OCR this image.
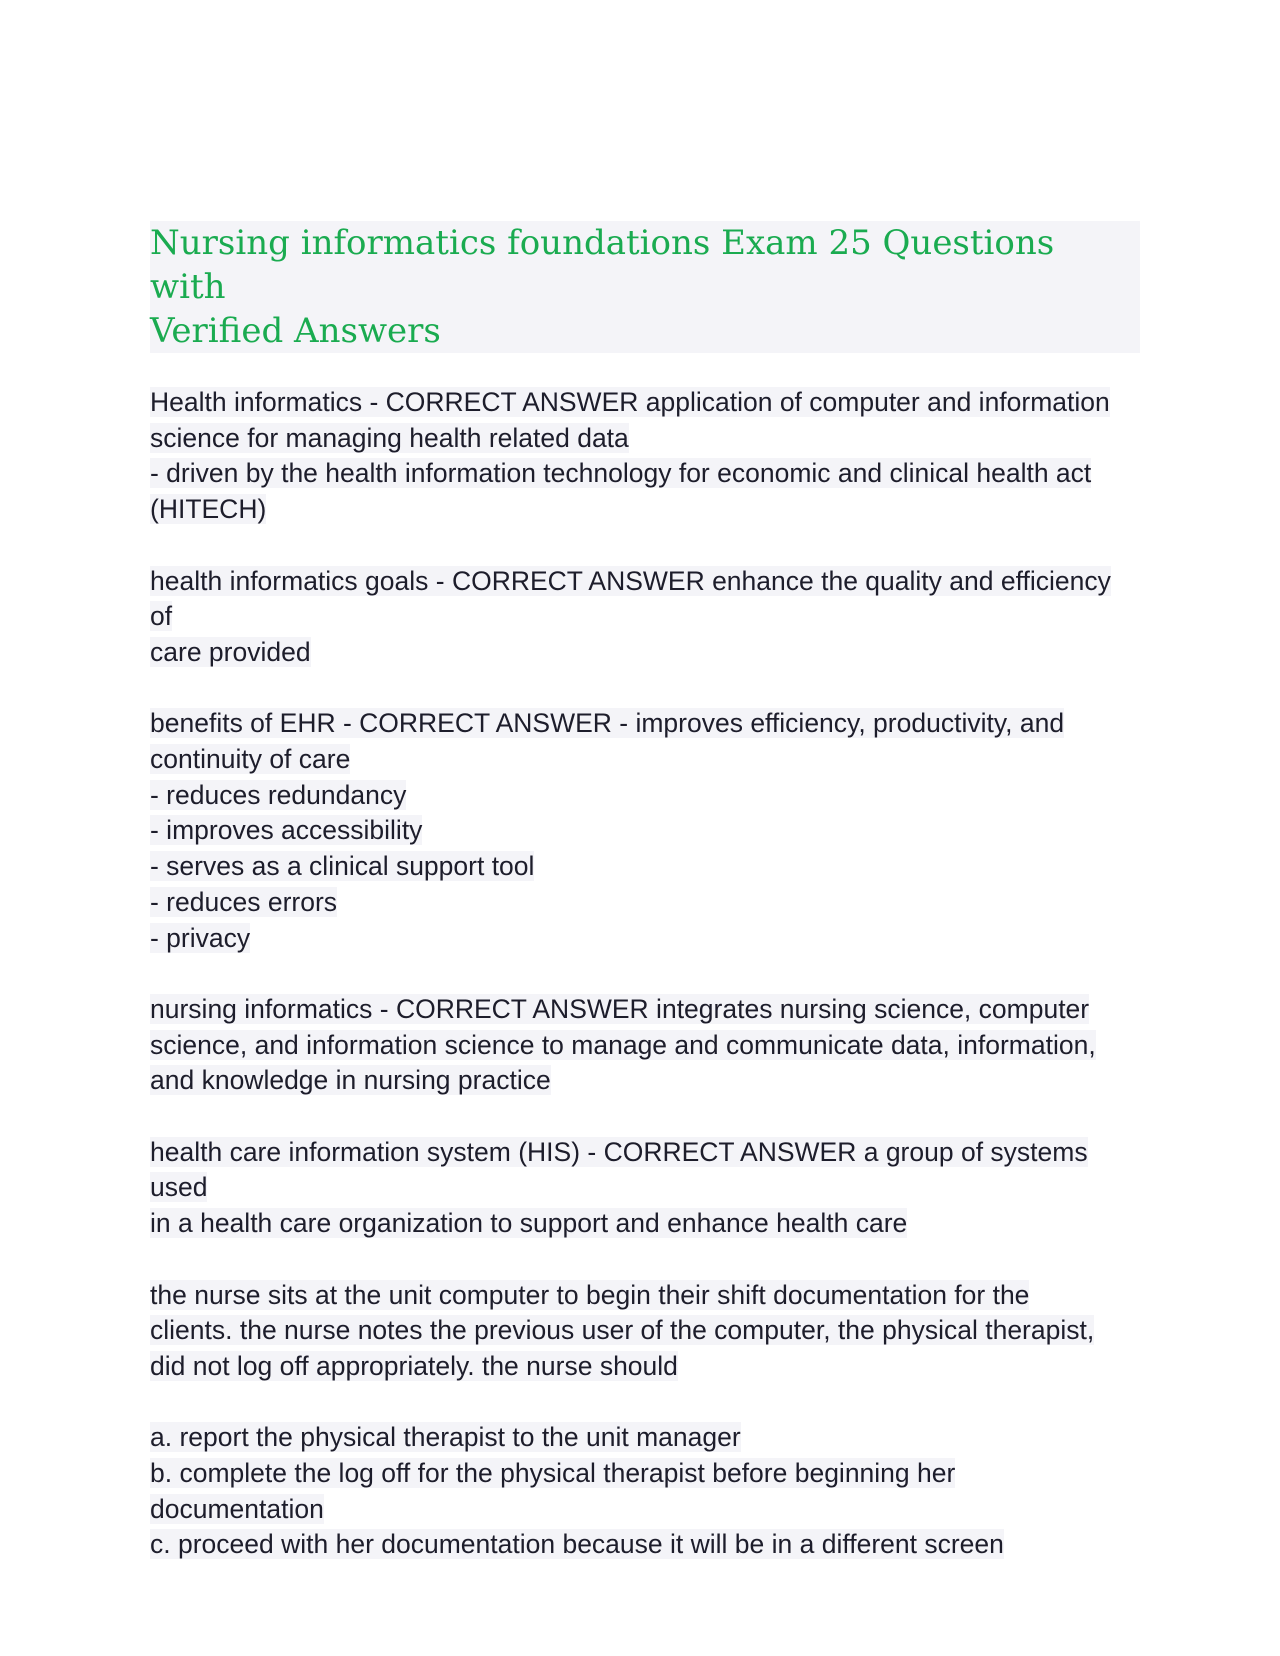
Nursing informatics foundations Exam 25 Questions with
Verified Answers

Health informatics - CORRECT ANSWER application of computer and information
science for managing health related data
- driven by the health information technology for economic and clinical health act
(HITECH)

health informatics goals - CORRECT ANSWER enhance the quality and efficiency of
care provided

benefits of EHR - CORRECT ANSWER - improves efficiency, productivity, and
continuity of care
- reduces redundancy
- improves accessibility
- serves as a clinical support tool
- reduces errors
- privacy

nursing informatics - CORRECT ANSWER integrates nursing science, computer
science, and information science to manage and communicate data, information,
and knowledge in nursing practice

health care information system (HIS) - CORRECT ANSWER a group of systems used
in a health care organization to support and enhance health care

the nurse sits at the unit computer to begin their shift documentation for the
clients. the nurse notes the previous user of the computer, the physical therapist,
did not log off appropriately. the nurse should

a. report the physical therapist to the unit manager
b. complete the log off for the physical therapist before beginning her
documentation
c. proceed with her documentation because it will be in a different screen
